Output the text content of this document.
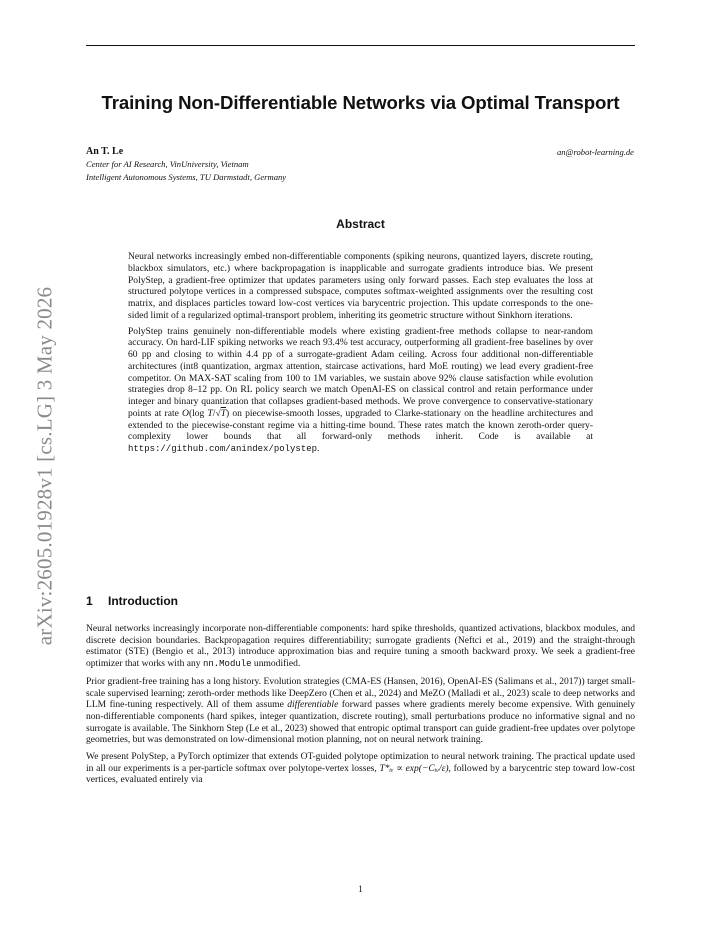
Training Non-Differentiable Networks via Optimal Transport
An T. Le	an@robot-learning.de
Center for AI Research, VinUniversity, Vietnam
Intelligent Autonomous Systems, TU Darmstadt, Germany
arXiv:2605.01928v1 [cs.LG] 3 May 2026
Abstract

Neural networks increasingly embed non-differentiable components (spiking neurons, quantized layers, discrete routing, blackbox simulators, etc.) where backpropagation is inapplicable and surrogate gradients introduce bias. We present PolyStep, a gradient-free optimizer that updates parameters using only forward passes. Each step evaluates the loss at structured polytope vertices in a compressed subspace, computes softmax-weighted assignments over the resulting cost matrix, and displaces particles toward low-cost vertices via barycentric projection. This update corresponds to the one-sided limit of a regularized optimal-transport problem, inheriting its geometric structure without Sinkhorn iterations.

PolyStep trains genuinely non-differentiable models where existing gradient-free methods collapse to near-random accuracy. On hard-LIF spiking networks we reach 93.4% test accuracy, outperforming all gradient-free baselines by over 60 pp and closing to within 4.4 pp of a surrogate-gradient Adam ceiling. Across four additional non-differentiable architectures (int8 quantization, argmax attention, staircase activations, hard MoE routing) we lead every gradient-free competitor. On MAX-SAT scaling from 100 to 1M variables, we sustain above 92% clause satisfaction while evolution strategies drop 8–12 pp. On RL policy search we match OpenAI-ES on classical control and retain performance under integer and binary quantization that collapses gradient-based methods. We prove convergence to conservative-stationary points at rate O(log T/√T) on piecewise-smooth losses, upgraded to Clarke-stationary on the headline architectures and extended to the piecewise-constant regime via a hitting-time bound. These rates match the known zeroth-order query-complexity lower bounds that all forward-only methods inherit. Code is available at https://github.com/anindex/polystep.

1 Introduction

Neural networks increasingly incorporate non-differentiable components: hard spike thresholds, quantized activations, blackbox modules, and discrete decision boundaries. Backpropagation requires differentiability; surrogate gradients (Neftci et al., 2019) and the straight-through estimator (STE) (Bengio et al., 2013) introduce approximation bias and require tuning a smooth backward proxy. We seek a gradient-free optimizer that works with any nn.Module unmodified.

Prior gradient-free training has a long history. Evolution strategies (CMA-ES (Hansen, 2016), OpenAI-ES (Salimans et al., 2017)) target small-scale supervised learning; zeroth-order methods like DeepZero (Chen et al., 2024) and MeZO (Malladi et al., 2023) scale to deep networks and LLM fine-tuning respectively. All of them assume differentiable forward passes where gradients merely become expensive. With genuinely non-differentiable components (hard spikes, integer quantization, discrete routing), small perturbations produce no informative signal and no surrogate is available. The Sinkhorn Step (Le et al., 2023) showed that entropic optimal transport can guide gradient-free updates over polytope geometries, but was demonstrated on low-dimensional motion planning, not on neural network training.

We present PolyStep, a PyTorch optimizer that extends OT-guided polytope optimization to neural network training. The practical update used in all our experiments is a per-particle softmax over polytope-vertex losses, T*ᵢᵥ ∝ exp(−Cᵢᵥ/ε), followed by a barycentric step toward low-cost vertices, evaluated entirely via

1
